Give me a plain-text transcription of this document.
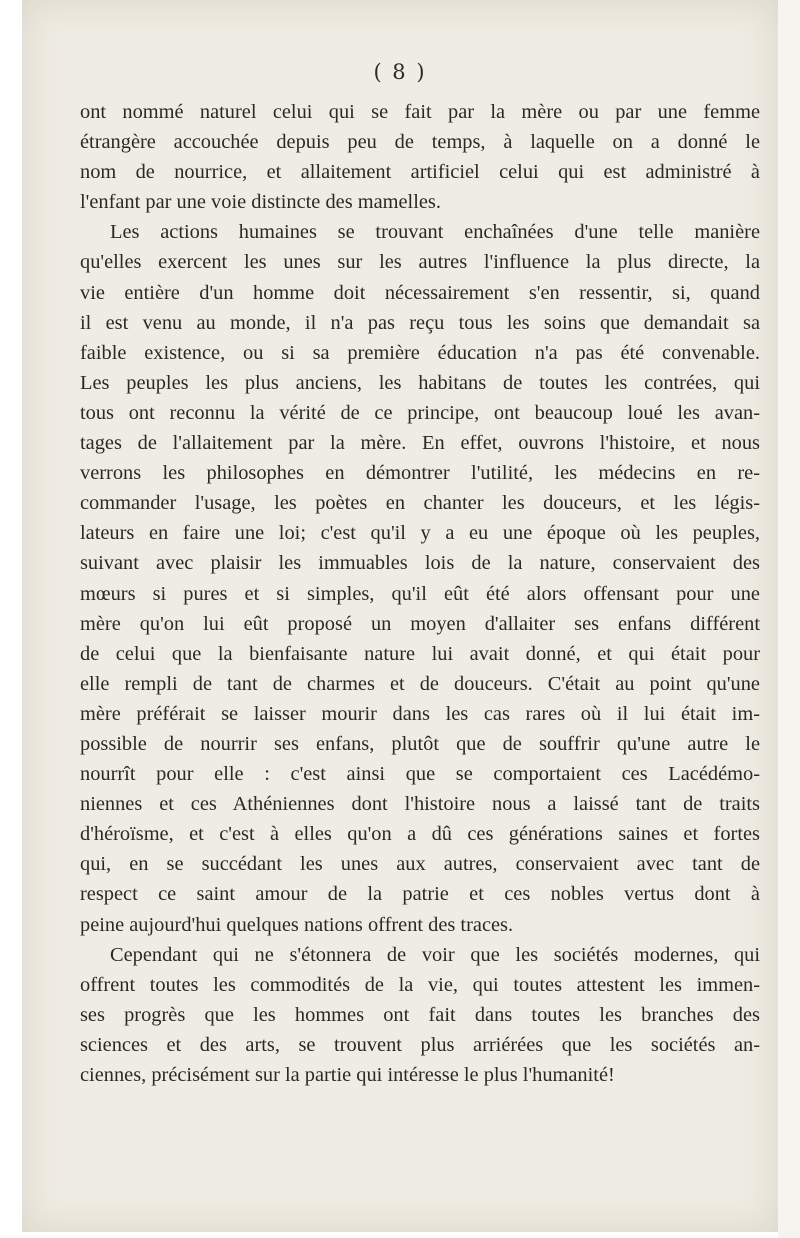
( 8 )
ont nommé naturel celui qui se fait par la mère ou par une femme
étrangère accouchée depuis peu de temps, à laquelle on a donné le
nom de nourrice, et allaitement artificiel celui qui est administré à
l'enfant par une voie distincte des mamelles.
Les actions humaines se trouvant enchaînées d'une telle manière
qu'elles exercent les unes sur les autres l'influence la plus directe, la
vie entière d'un homme doit nécessairement s'en ressentir, si, quand
il est venu au monde, il n'a pas reçu tous les soins que demandait sa
faible existence, ou si sa première éducation n'a pas été convenable.
Les peuples les plus anciens, les habitans de toutes les contrées, qui
tous ont reconnu la vérité de ce principe, ont beaucoup loué les avan-
tages de l'allaitement par la mère. En effet, ouvrons l'histoire, et nous
verrons les philosophes en démontrer l'utilité, les médecins en re-
commander l'usage, les poètes en chanter les douceurs, et les légis-
lateurs en faire une loi; c'est qu'il y a eu une époque où les peuples,
suivant avec plaisir les immuables lois de la nature, conservaient des
mœurs si pures et si simples, qu'il eût été alors offensant pour une
mère qu'on lui eût proposé un moyen d'allaiter ses enfans différent
de celui que la bienfaisante nature lui avait donné, et qui était pour
elle rempli de tant de charmes et de douceurs. C'était au point qu'une
mère préférait se laisser mourir dans les cas rares où il lui était im-
possible de nourrir ses enfans, plutôt que de souffrir qu'une autre le
nourrît pour elle : c'est ainsi que se comportaient ces Lacédémo-
niennes et ces Athéniennes dont l'histoire nous a laissé tant de traits
d'héroïsme, et c'est à elles qu'on a dû ces générations saines et fortes
qui, en se succédant les unes aux autres, conservaient avec tant de
respect ce saint amour de la patrie et ces nobles vertus dont à
peine aujourd'hui quelques nations offrent des traces.
Cependant qui ne s'étonnera de voir que les sociétés modernes, qui
offrent toutes les commodités de la vie, qui toutes attestent les immen-
ses progrès que les hommes ont fait dans toutes les branches des
sciences et des arts, se trouvent plus arriérées que les sociétés an-
ciennes, précisément sur la partie qui intéresse le plus l'humanité!
